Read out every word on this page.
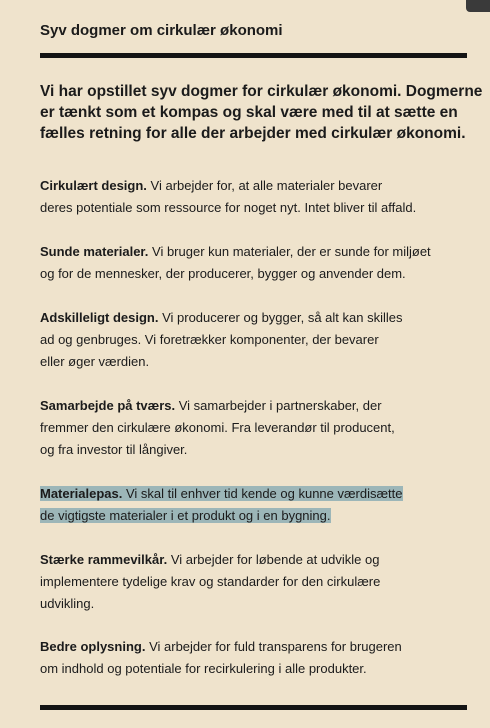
Syv dogmer om cirkulær økonomi

Vi har opstillet syv dogmer for cirkulær økonomi. Dogmerne
er tænkt som et kompas og skal være med til at sætte en
fælles retning for alle der arbejder med cirkulær økonomi.

Cirkulært design. Vi arbejder for, at alle materialer bevarer
deres potentiale som ressource for noget nyt. Intet bliver til affald.

Sunde materialer. Vi bruger kun materialer, der er sunde for miljøet
og for de mennesker, der producerer, bygger og anvender dem.

Adskilleligt design. Vi producerer og bygger, så alt kan skilles
ad og genbruges. Vi foretrækker komponenter, der bevarer
eller øger værdien.

Samarbejde på tværs. Vi samarbejder i partnerskaber, der
fremmer den cirkulære økonomi. Fra leverandør til producent,
og fra investor til långiver.

Materialepas. Vi skal til enhver tid kende og kunne værdisætte
de vigtigste materialer i et produkt og i en bygning.

Stærke rammevilkår. Vi arbejder for løbende at udvikle og
implementere tydelige krav og standarder for den cirkulære
udvikling.

Bedre oplysning. Vi arbejder for fuld transparens for brugeren
om indhold og potentiale for recirkulering i alle produkter.
